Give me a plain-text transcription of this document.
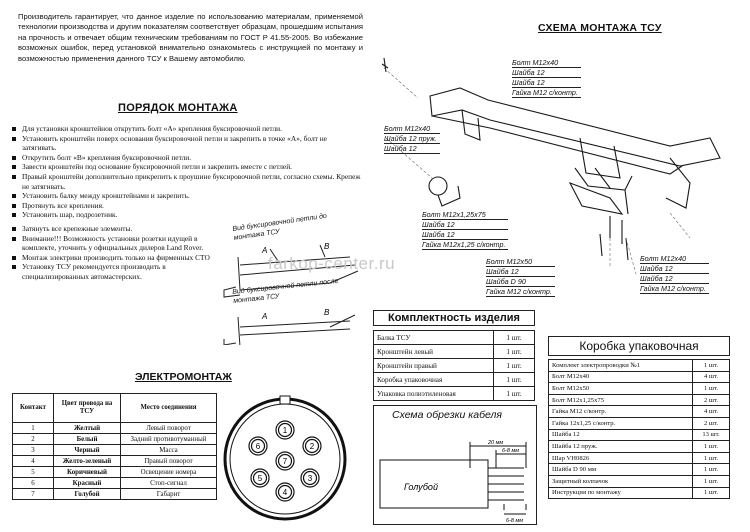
Производитель гарантирует, что данное изделие по использованию материалам, применяемой технологии производства и другим показателям соответствует образцам, прошедшим испытания на прочность и отвечает общим техническим требованиям по ГОСТ Р 41.55-2005. Во избежание возможных ошибок, перед установкой внимательно ознакомьтесь с инструкцией по монтажу и возможностью применения данного ТСУ к Вашему автомобилю.
ПОРЯДОК МОНТАЖА
Для установки кронштейнов открутить болт «А» крепления буксировочной петли.
Установить кронштейн поверх основания буксировочной петли и закрепить в точке «А», болт не затягивать.
Открутить болт «В» крепления буксировочной петли.
Завести кронштейн под основание буксировочной петли и закрепить вместе с петлей.
Правый кронштейн дополнительно прикрепить к проушине буксировочной петли, согласно схемы. Крепеж не затягивать.
Установить балку между кронштейнами и закрепить.
Протянуть все крепления.
Установить шар, подрозетник.
Затянуть все крепежные элементы.
Внимание!!! Возможность установки розетки идущей в комплекте, уточнить у официальных дилеров Land Rover.
Монтаж электрики производить только на фирменных СТО
Установку ТСУ рекомендуется производить в специализированных автомастерских.
Вид буксировочной петли до монтажа ТСУ
Вид буксировочной петли после монтажа ТСУ
А	В
А	В
СХЕМА МОНТАЖА ТСУ
Болт М12х40
Шайба 12
Шайба 12
Гайка М12 с/контр.
Болт М12х40
Шайба 12 пруж.
Шайба 12
Болт М12х1,25х75
Шайба 12
Шайба 12
Гайка М12х1,25 с/контр.
Болт М12х50
Шайба 12
Шайба D 90
Гайка М12 с/контр.
Болт М12х40
Шайба 12
Шайба 12
Гайка М12 с/контр.
farkop-center.ru
ЭЛЕКТРОМОНТАЖ
Контакт	Цвет провода на ТСУ	Место соединения
1	Желтый	Левый поворот
2	Белый	Задний противотуманный
3	Черный	Масса
4	Желто-зеленый	Правый поворот
5	Коричневый	Освещение номера
6	Красный	Стоп-сигнал
7	Голубой	Габарит
1
6	2
7
5	3
4
Комплектность изделия
Балка ТСУ	1 шт.
Кронштейн левый	1 шт.
Кронштейн правый	1 шт.
Коробка упаковочная	1 шт.
Упаковка полиэтиленовая	1 шт.
Схема обрезки кабеля
Голубой
20 мм
6-8 мм
6-8 мм
Коробка упаковочная
Комплект электропроводки №1	1 шт.
Болт М12х40	4 шт.
Болт М12х50	1 шт.
Болт М12х1,25х75	2 шт.
Гайка М12 с/контр.	4 шт.
Гайка 12х1,25 с/контр.	2 шт.
Шайба 12	13 шт.
Шайба 12 пруж.	1 шт.
Шар VH0826	1 шт.
Шайба D 90 мм	1 шт.
Защитный колпачок	1 шт.
Инструкция по монтажу	1 шт.
